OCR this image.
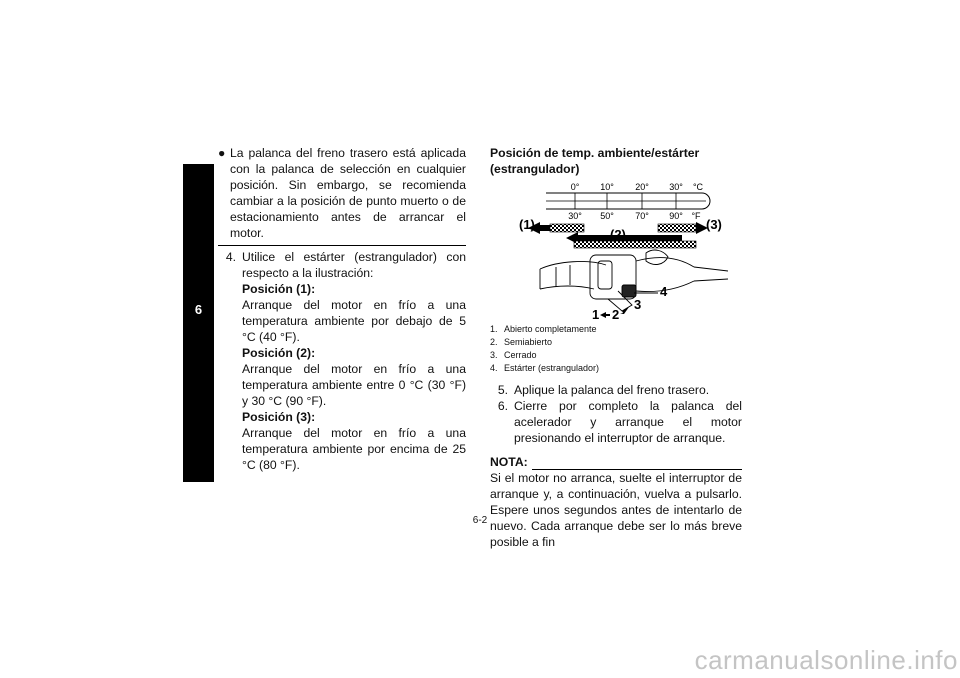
6
● La palanca del freno trasero está aplicada con la palanca de selección en cualquier posición. Sin embargo, se recomienda cambiar a la posición de punto muerto o de estacionamiento antes de arrancar el motor.
4. Utilice el estárter (estrangulador) con respecto a la ilustración:
Posición (1):
Arranque del motor en frío a una temperatura ambiente por debajo de 5 °C (40 °F).
Posición (2):
Arranque del motor en frío a una temperatura ambiente entre 0 °C (30 °F) y 30 °C (90 °F).
Posición (3):
Arranque del motor en frío a una temperatura ambiente por encima de 25 °C (80 °F).
Posición de temp. ambiente/estárter (estrangulador)
0° 10° 20° 30° °C
30° 50° 70° 90° °F
(1)
(2)
(3)
4
3
2
1
1. Abierto completamente
2. Semiabierto
3. Cerrado
4. Estárter (estrangulador)
5. Aplique la palanca del freno trasero.
6. Cierre por completo la palanca del acelerador y arranque el motor presionando el interruptor de arranque.
NOTA:
Si el motor no arranca, suelte el interruptor de arranque y, a continuación, vuelva a pulsarlo. Espere unos segundos antes de intentarlo de nuevo. Cada arranque debe ser lo más breve posible a fin
6-2
carmanualsonline.info
